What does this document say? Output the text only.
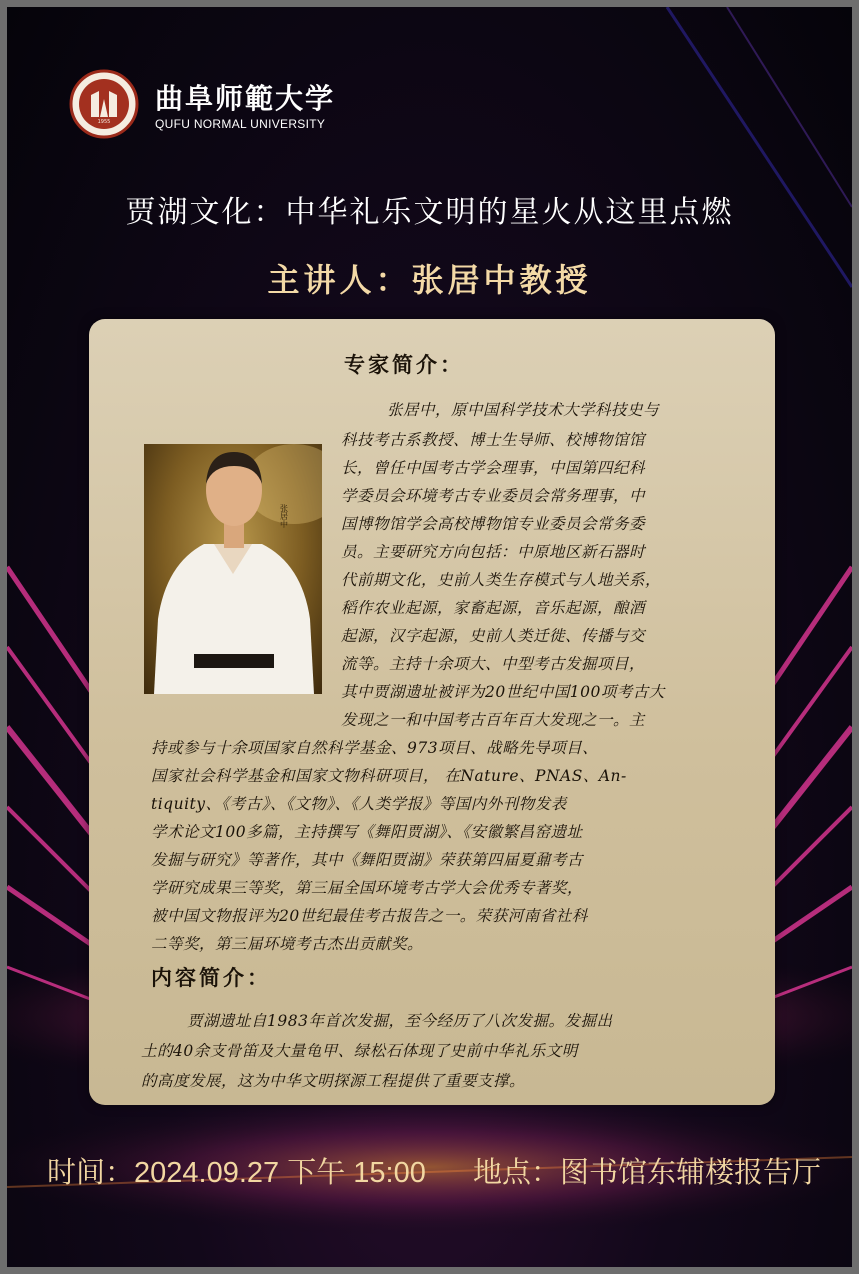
1955
曲阜师範大学
QUFU NORMAL UNIVERSITY
贾湖文化：中华礼乐文明的星火从这里点燃
主讲人：张居中教授
专家简介：
张居中
张居中，原中国科学技术大学科技史与
科技考古系教授、博士生导师、校博物馆馆
长，曾任中国考古学会理事，中国第四纪科
学委员会环境考古专业委员会常务理事，中
国博物馆学会高校博物馆专业委员会常务委
员。主要研究方向包括：中原地区新石器时
代前期文化，史前人类生存模式与人地关系，
稻作农业起源，家畜起源，音乐起源，酿酒
起源，汉字起源，史前人类迁徙、传播与交
流等。主持十余项大、中型考古发掘项目，
其中贾湖遗址被评为20世纪中国100项考古大
发现之一和中国考古百年百大发现之一。主
持或参与十余项国家自然科学基金、973项目、战略先导项目、
国家社会科学基金和国家文物科研项目， 在Nature、PNAS、An-
tiquity、《考古》、《文物》、《人类学报》等国内外刊物发表
学术论文100多篇，主持撰写《舞阳贾湖》、《安徽繁昌窑遗址
发掘与研究》等著作，其中《舞阳贾湖》荣获第四届夏鼐考古
学研究成果三等奖，第三届全国环境考古学大会优秀专著奖，
被中国文物报评为20世纪最佳考古报告之一。荣获河南省社科
二等奖，第三届环境考古杰出贡献奖。
内容简介：
贾湖遗址自1983年首次发掘，至今经历了八次发掘。发掘出
土的40余支骨笛及大量龟甲、绿松石体现了史前中华礼乐文明
的高度发展，这为中华文明探源工程提供了重要支撑。
时间：2024.09.27 下午 15:00 地点：图书馆东辅楼报告厅
